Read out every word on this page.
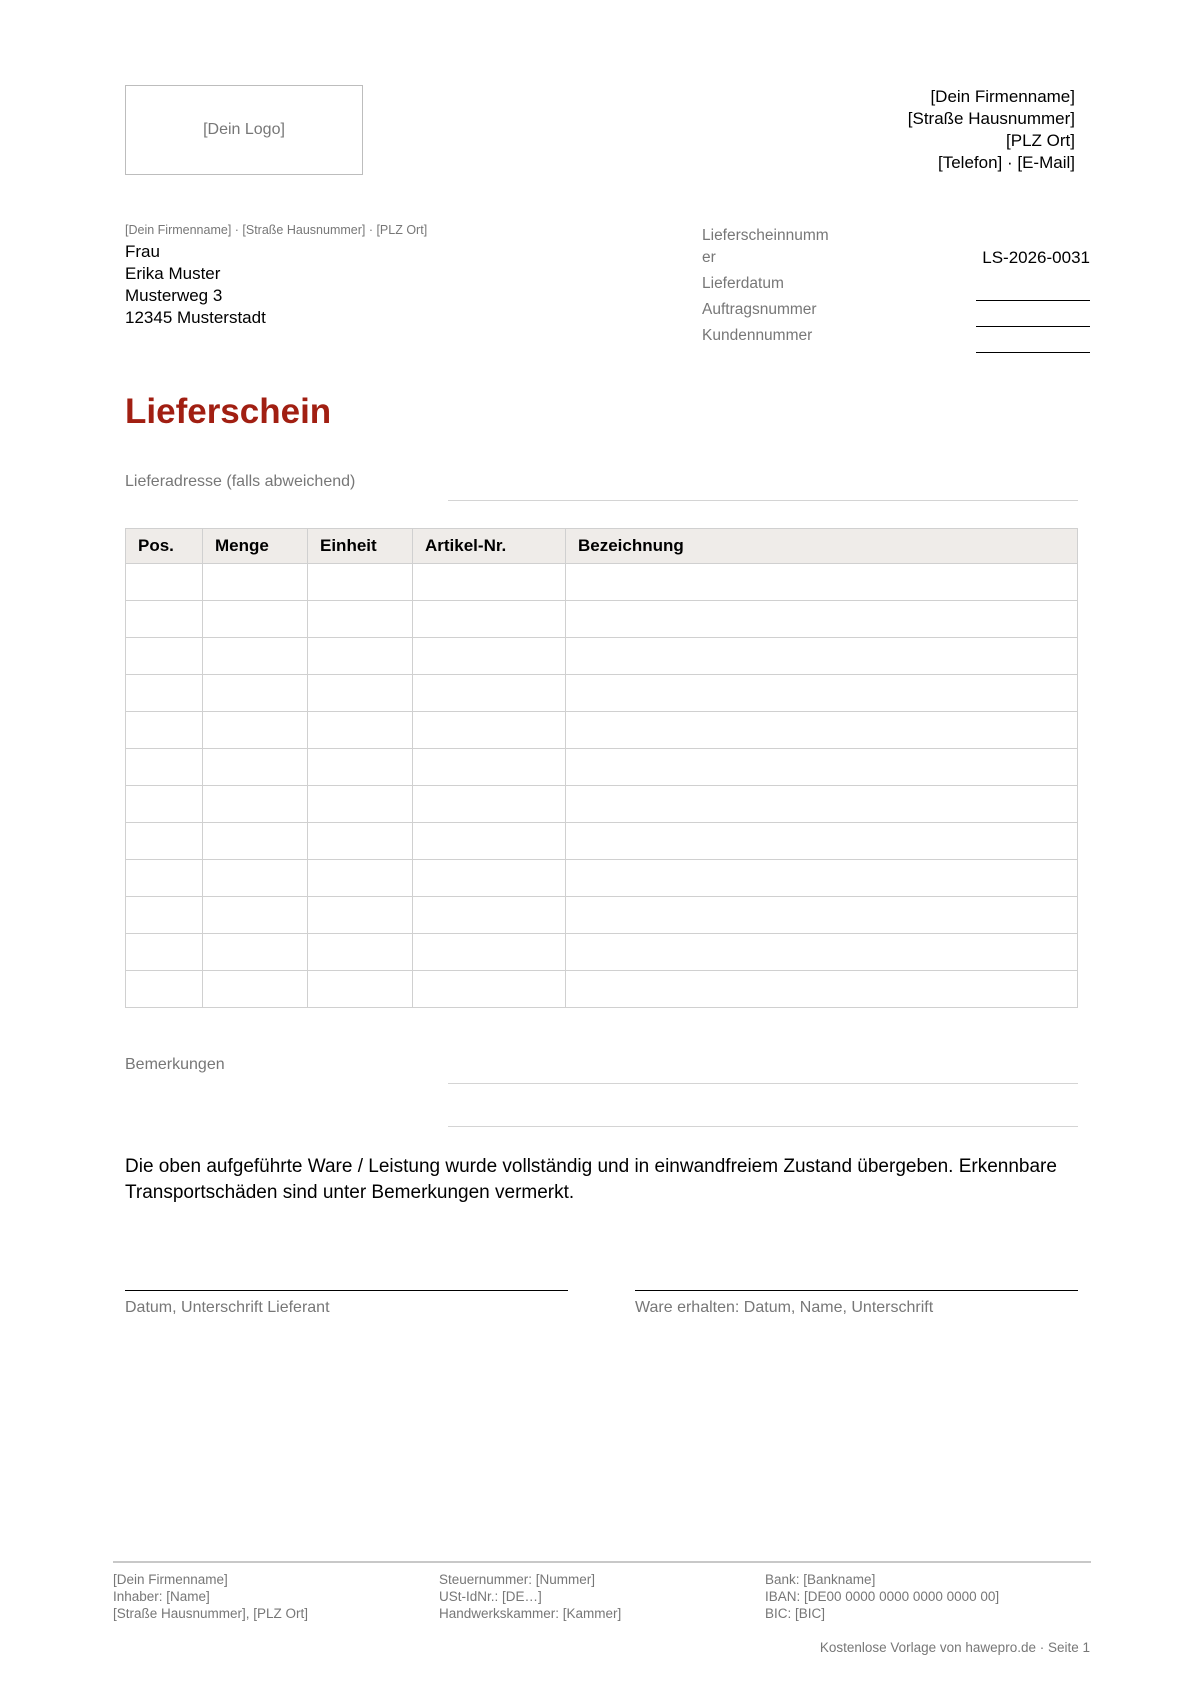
[Dein Logo]
[Dein Firmenname]
[Straße Hausnummer]
[PLZ Ort]
[Telefon] · [E-Mail]
[Dein Firmenname] · [Straße Hausnummer] · [PLZ Ort]
Frau
Erika Muster
Musterweg 3
12345 Musterstadt
Lieferscheinnummer	LS-2026-0031
Lieferdatum
Auftragsnummer
Kundennummer
Lieferschein
Lieferadresse (falls abweichend)
Pos.	Menge	Einheit	Artikel-Nr.	Bezeichnung

Bemerkungen
Die oben aufgeführte Ware / Leistung wurde vollständig und in einwandfreiem Zustand übergeben. Erkennbare Transportschäden sind unter Bemerkungen vermerkt.
Datum, Unterschrift Lieferant	Ware erhalten: Datum, Name, Unterschrift
[Dein Firmenname]
Inhaber: [Name]
[Straße Hausnummer], [PLZ Ort]
Steuernummer: [Nummer]
USt-IdNr.: [DE…]
Handwerkskammer: [Kammer]
Bank: [Bankname]
IBAN: [DE00 0000 0000 0000 0000 00]
BIC: [BIC]
Kostenlose Vorlage von hawepro.de · Seite 1
